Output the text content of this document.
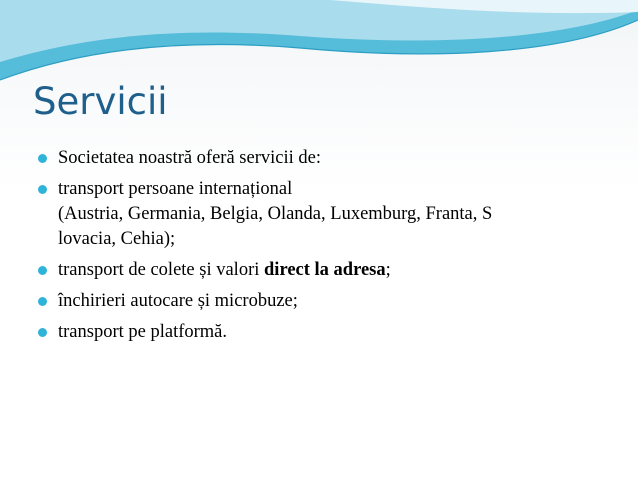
Servicii
Societatea noastră oferă servicii de:
transport persoane internațional
(Austria, Germania, Belgia, Olanda, Luxemburg, Franta, S
lovacia, Cehia);
transport de colete și valori direct la adresa;
închirieri autocare și microbuze;
transport pe platformă.
